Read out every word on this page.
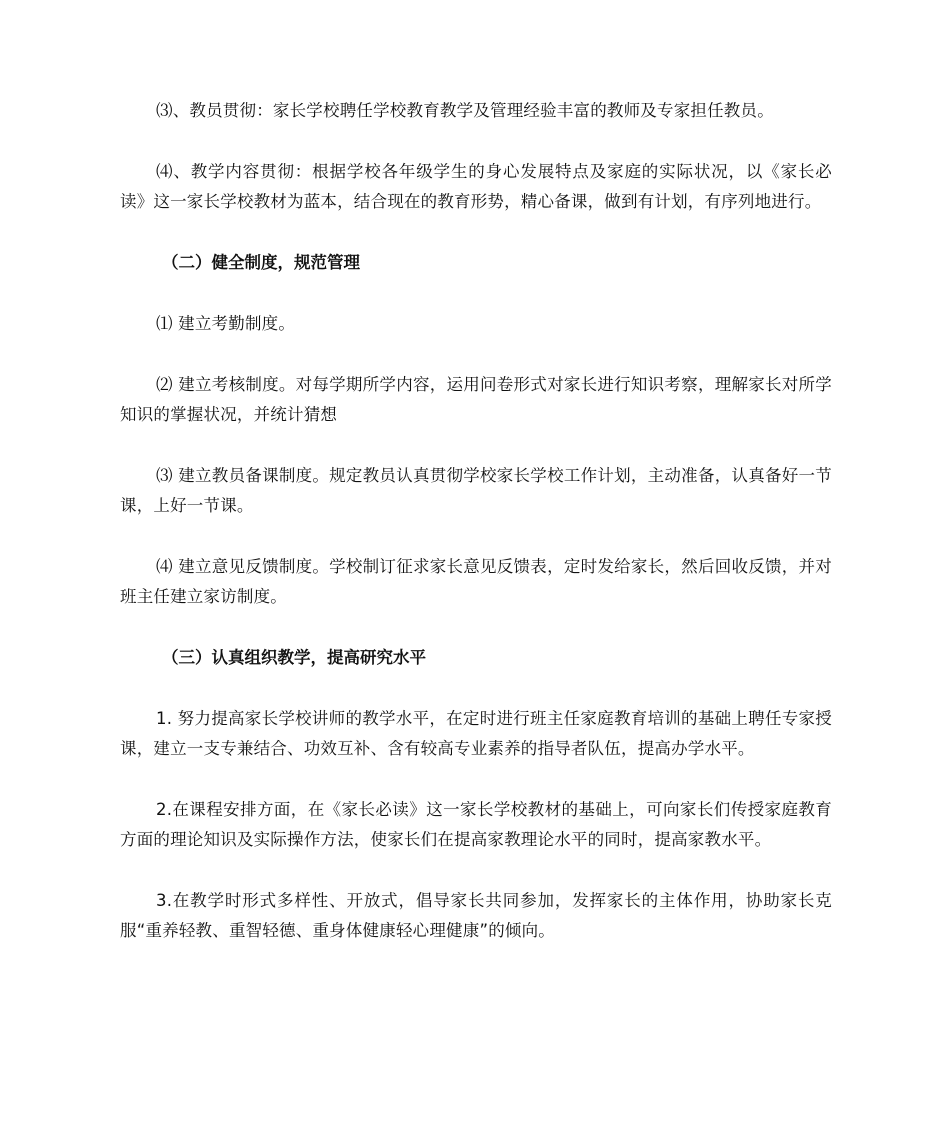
⑶、教员贯彻：家长学校聘任学校教育教学及管理经验丰富的教师及专家担任教员。

⑷、教学内容贯彻：根据学校各年级学生的身心发展特点及家庭的实际状况，以《家长必读》这一家长学校教材为蓝本，结合现在的教育形势，精心备课，做到有计划，有序列地进行。

（二）健全制度，规范管理

⑴ 建立考勤制度。

⑵ 建立考核制度。对每学期所学内容，运用问卷形式对家长进行知识考察，理解家长对所学知识的掌握状况，并统计猜想

⑶ 建立教员备课制度。规定教员认真贯彻学校家长学校工作计划，主动准备，认真备好一节课，上好一节课。

⑷ 建立意见反馈制度。学校制订征求家长意见反馈表，定时发给家长，然后回收反馈，并对班主任建立家访制度。

（三）认真组织教学，提高研究水平

1. 努力提高家长学校讲师的教学水平，在定时进行班主任家庭教育培训的基础上聘任专家授课，建立一支专兼结合、功效互补、含有较高专业素养的指导者队伍，提高办学水平。

2.在课程安排方面，在《家长必读》这一家长学校教材的基础上，可向家长们传授家庭教育方面的理论知识及实际操作方法，使家长们在提高家教理论水平的同时，提高家教水平。

3.在教学时形式多样性、开放式，倡导家长共同参加，发挥家长的主体作用，协助家长克服“重养轻教、重智轻德、重身体健康轻心理健康”的倾向。
